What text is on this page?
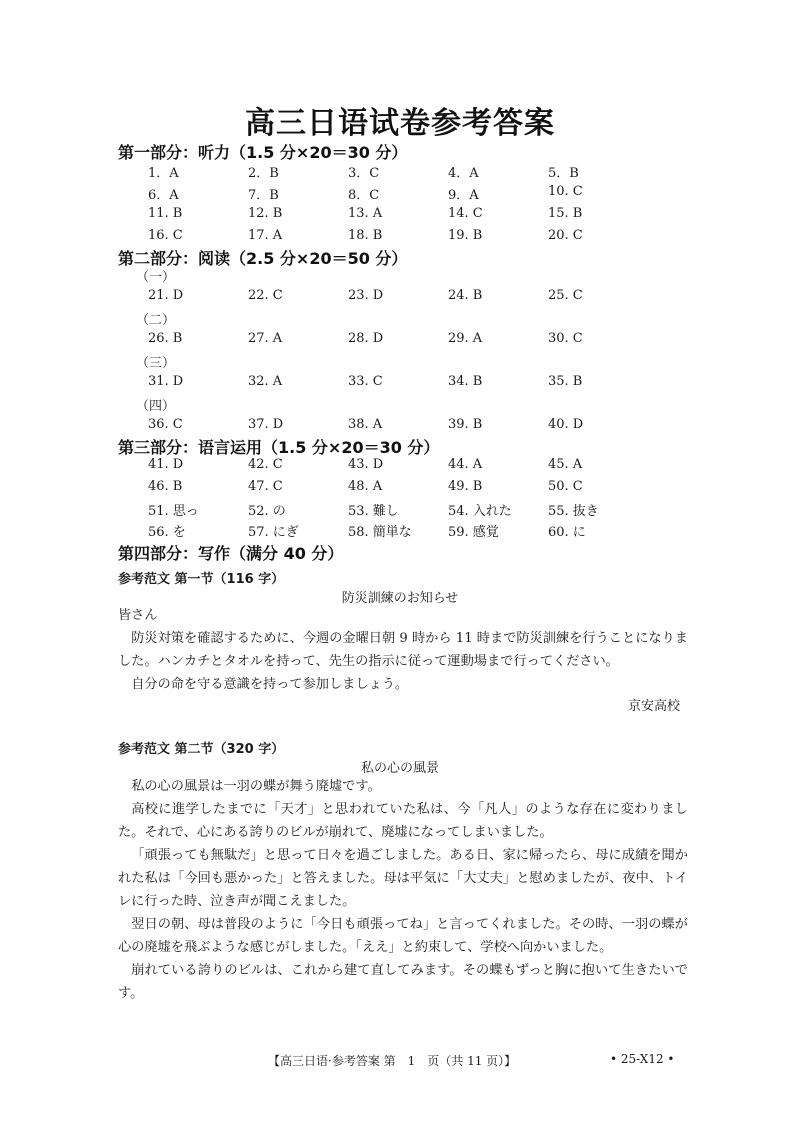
高三日语试卷参考答案
第一部分：听力（1.5 分×20＝30 分）
1．A	2．B	3．C	4．A	5．B
6．A	7．B	8．C	9．A	10. C
11. B	12. B	13. A	14. C	15. B
16. C	17. A	18. B	19. B	20. C
第二部分：阅读（2.5 分×20＝50 分）
（一）
21. D	22. C	23. D	24. B	25. C
（二）
26. B	27. A	28. D	29. A	30. C
（三）
31. D	32. A	33. C	34. B	35. B
（四）
36. C	37. D	38. A	39. B	40. D
第三部分：语言运用（1.5 分×20＝30 分）
41. D	42. C	43. D	44. A	45. A
46. B	47. C	48. A	49. B	50. C
51. 思っ	52. の	53. 難し	54. 入れた	55. 抜き
56. を	57. にぎ	58. 簡単な	59. 感覚	60. に
第四部分：写作（满分 40 分）
参考范文 第一节（116 字）
防災訓練のお知らせ

皆さん

防災対策を確認するために、今週の金曜日朝 9 時から 11 時まで防災訓練を行うことになりました。ハンカチとタオルを持って、先生の指示に従って運動場まで行ってください。

自分の命を守る意識を持って参加しましょう。

京安高校
参考范文 第二节（320 字）
私の心の風景

私の心の風景は一羽の蝶が舞う廃墟です。

高校に進学したまでに「天才」と思われていた私は、今「凡人」のような存在に変わりました。それで、心にある誇りのビルが崩れて、廃墟になってしまいました。

「頑張っても無駄だ」と思って日々を過ごしました。ある日、家に帰ったら、母に成績を聞かれた私は「今回も悪かった」と答えました。母は平気に「大丈夫」と慰めましたが、夜中、トイレに行った時、泣き声が聞こえました。

翌日の朝、母は普段のように「今日も頑張ってね」と言ってくれました。その時、一羽の蝶が心の廃墟を飛ぶような感じがしました。「ええ」と約束して、学校へ向かいました。

崩れている誇りのビルは、これから建て直してみます。その蝶もずっと胸に抱いて生きたいです。

【高三日语·参考答案 第　1　页（共 11 页）】	• 25-X12 •
